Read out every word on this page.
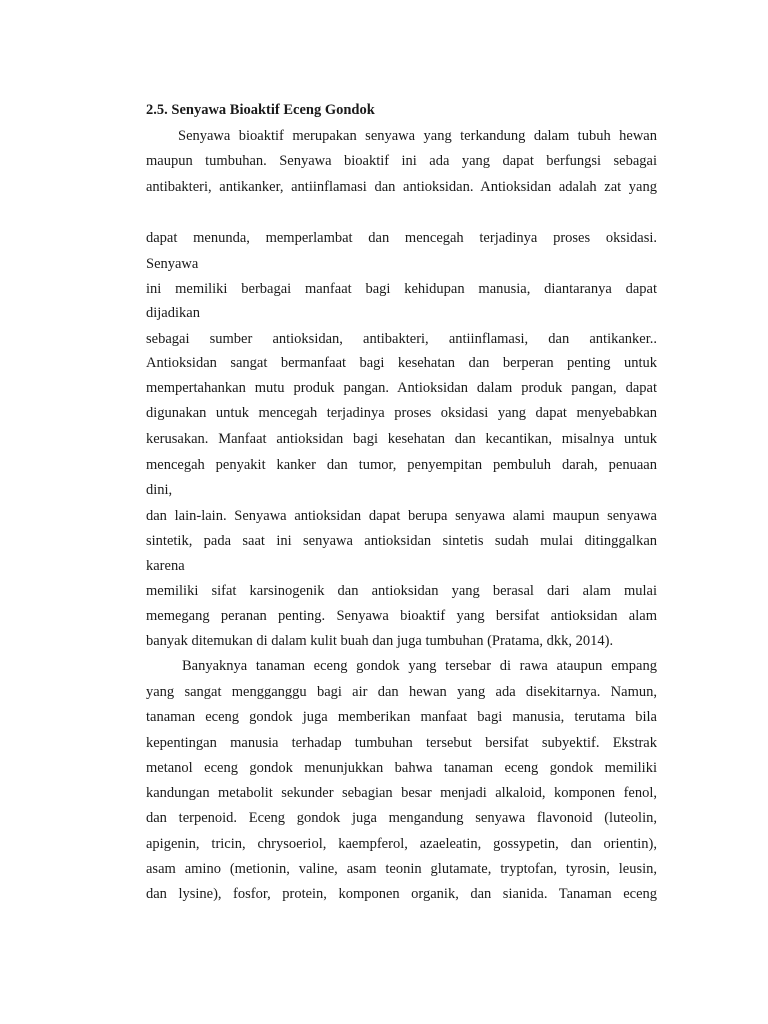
2.5. Senyawa Bioaktif Eceng Gondok
Senyawa bioaktif merupakan senyawa yang terkandung dalam tubuh hewan
maupun tumbuhan. Senyawa bioaktif ini ada yang dapat berfungsi sebagai
antibakteri, antikanker, antiinflamasi dan antioksidan. Antioksidan adalah zat yang
dapat menunda, memperlambat dan mencegah terjadinya proses oksidasi.
Senyawa
ini memiliki berbagai manfaat bagi kehidupan manusia, diantaranya dapat
dijadikan
sebagai sumber antioksidan, antibakteri, antiinflamasi, dan antikanker..
Antioksidan sangat bermanfaat bagi kesehatan dan berperan penting untuk
mempertahankan mutu produk pangan. Antioksidan dalam produk pangan, dapat
digunakan untuk mencegah terjadinya proses oksidasi yang dapat menyebabkan
kerusakan. Manfaat antioksidan bagi kesehatan dan kecantikan, misalnya untuk
mencegah penyakit kanker dan tumor, penyempitan pembuluh darah, penuaan
dini,
dan lain-lain. Senyawa antioksidan dapat berupa senyawa alami maupun senyawa
sintetik, pada saat ini senyawa antioksidan sintetis sudah mulai ditinggalkan
karena
memiliki sifat karsinogenik dan antioksidan yang berasal dari alam mulai
memegang peranan penting. Senyawa bioaktif yang bersifat antioksidan alam
banyak ditemukan di dalam kulit buah dan juga tumbuhan (Pratama, dkk, 2014).
Banyaknya tanaman eceng gondok yang tersebar di rawa ataupun empang
yang sangat mengganggu bagi air dan hewan yang ada disekitarnya. Namun,
tanaman eceng gondok juga memberikan manfaat bagi manusia, terutama bila
kepentingan manusia terhadap tumbuhan tersebut bersifat subyektif. Ekstrak
metanol eceng gondok menunjukkan bahwa tanaman eceng gondok memiliki
kandungan metabolit sekunder sebagian besar menjadi alkaloid, komponen fenol,
dan terpenoid. Eceng gondok juga mengandung senyawa flavonoid (luteolin,
apigenin, tricin, chrysoeriol, kaempferol, azaeleatin, gossypetin, dan orientin),
asam amino (metionin, valine, asam teonin glutamate, tryptofan, tyrosin, leusin,
dan lysine), fosfor, protein, komponen organik, dan sianida. Tanaman eceng
